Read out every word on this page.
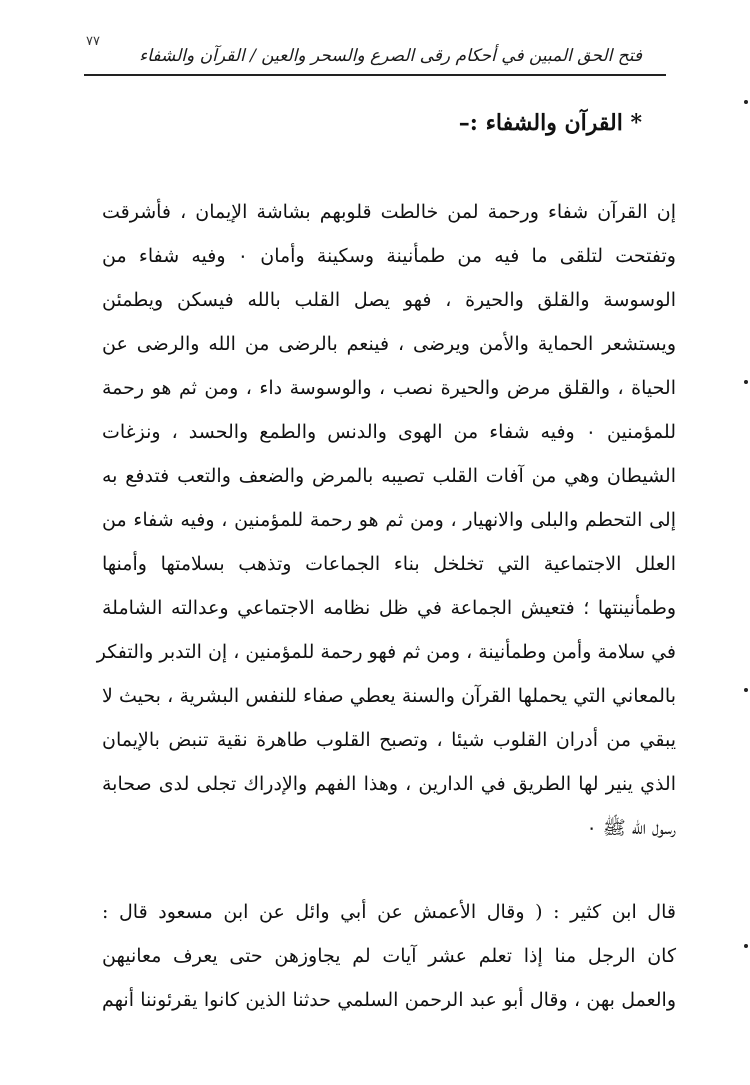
٧٧
فتح الحق المبين في أحكام رقى الصرع والسحر والعين / القرآن والشفاء
* القرآن والشفاء :–
إن القرآن شفاء ورحمة لمن خالطت قلوبهم بشاشة الإيمان ، فأشرقت
وتفتحت لتلقى ما فيه من طمأنينة وسكينة وأمان ٠ وفيه شفاء من
الوسوسة والقلق والحيرة ، فهو يصل القلب بالله فيسكن ويطمئن
ويستشعر الحماية والأمن ويرضى ، فينعم بالرضى من الله والرضى عن
الحياة ، والقلق مرض والحيرة نصب ، والوسوسة داء ، ومن ثم هو رحمة
للمؤمنين ٠ وفيه شفاء من الهوى والدنس والطمع والحسد ، ونزغات
الشيطان وهي من آفات القلب تصيبه بالمرض والضعف والتعب فتدفع به
إلى التحطم والبلى والانهيار ، ومن ثم هو رحمة للمؤمنين ، وفيه شفاء من
العلل الاجتماعية التي تخلخل بناء الجماعات وتذهب بسلامتها وأمنها
وطمأنينتها ؛ فتعيش الجماعة في ظل نظامه الاجتماعي وعدالته الشاملة
في سلامة وأمن وطمأنينة ، ومن ثم فهو رحمة للمؤمنين ، إن التدبر والتفكر
بالمعاني التي يحملها القرآن والسنة يعطي صفاء للنفس البشرية ، بحيث لا
يبقي من أدران القلوب شيئا ، وتصبح القلوب طاهرة نقية تنبض بالإيمان
الذي ينير لها الطريق في الدارين ، وهذا الفهم والإدراك تجلى لدى صحابة
رسول الله ﷺ ٠
قال ابن كثير : ( وقال الأعمش عن أبي وائل عن ابن مسعود قال :
كان الرجل منا إذا تعلم عشر آيات لم يجاوزهن حتى يعرف معانيهن
والعمل بهن ، وقال أبو عبد الرحمن السلمي حدثنا الذين كانوا يقرئوننا أنهم
